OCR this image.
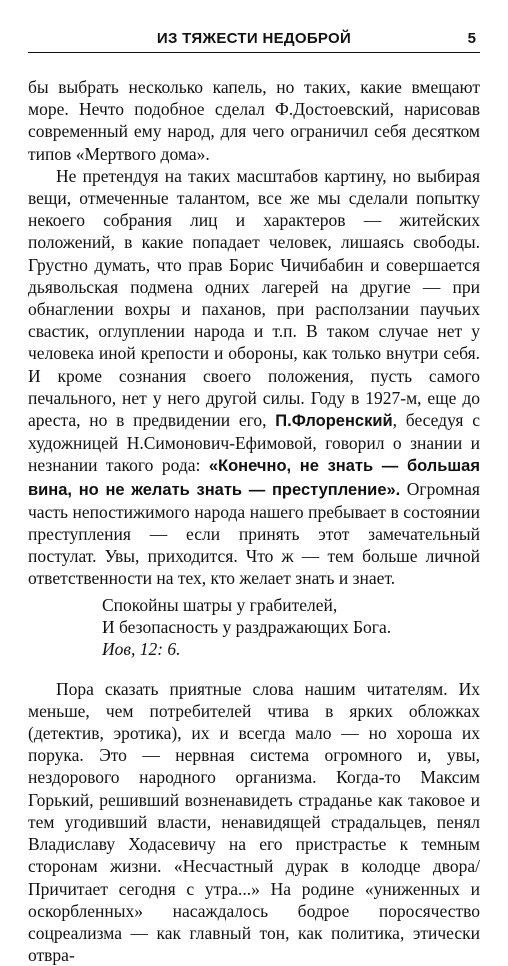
ИЗ ТЯЖЕСТИ НЕДОБРОЙ	5

бы выбрать несколько капель, но таких, какие вмещают море. Нечто подобное сделал Ф.Достоевский, нарисовав современный ему народ, для чего ограничил себя десятком типов «Мертвого дома».

Не претендуя на таких масштабов картину, но выбирая вещи, отмеченные талантом, все же мы сделали попытку некоего собрания лиц и характеров — житейских положений, в какие попадает человек, лишаясь свободы. Грустно думать, что прав Борис Чичибабин и совершается дьявольская подмена одних лагерей на другие — при обнаглении вохры и паханов, при расползании паучьих свастик, оглуплении народа и т.п. В таком случае нет у человека иной крепости и обороны, как только внутри себя. И кроме сознания своего положения, пусть самого печального, нет у него другой силы. Году в 1927-м, еще до ареста, но в предвидении его, П.Флоренский, беседуя с художницей Н.Симонович-Ефимовой, говорил о знании и незнании такого рода: «Конечно, не знать — большая вина, но не желать знать — преступление». Огромная часть непостижимого народа нашего пребывает в состоянии преступления — если принять этот замечательный постулат. Увы, приходится. Что ж — тем больше личной ответственности на тех, кто желает знать и знает.

Спокойны шатры у грабителей,
И безопасность у раздражающих Бога.
Иов, 12: 6.

Пора сказать приятные слова нашим читателям. Их меньше, чем потребителей чтива в ярких обложках (детектив, эротика), их и всегда мало — но хороша их порука. Это — нервная система огромного и, увы, нездорового народного организма. Когда-то Максим Горький, решивший возненавидеть страданье как таковое и тем угодивший власти, ненавидящей страдальцев, пенял Владиславу Ходасевичу на его пристрастье к темным сторонам жизни. «Несчастный дурак в колодце двора/Причитает сегодня с утра...» На родине «униженных и оскорбленных» насаждалось бодрое поросячество соцреализма — как главный тон, как политика, этически отвра-
